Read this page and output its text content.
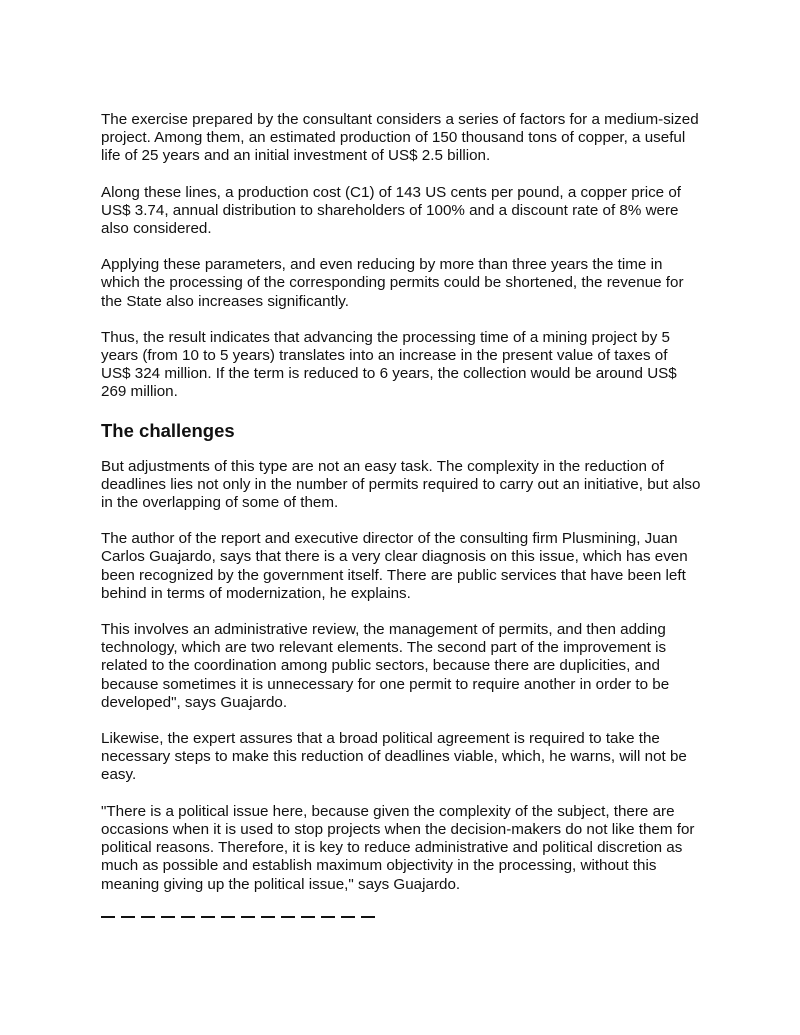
The exercise prepared by the consultant considers a series of factors for a medium-sized project. Among them, an estimated production of 150 thousand tons of copper, a useful life of 25 years and an initial investment of US$ 2.5 billion.

Along these lines, a production cost (C1) of 143 US cents per pound, a copper price of US$ 3.74, annual distribution to shareholders of 100% and a discount rate of 8% were also considered.

Applying these parameters, and even reducing by more than three years the time in which the processing of the corresponding permits could be shortened, the revenue for the State also increases significantly.

Thus, the result indicates that advancing the processing time of a mining project by 5 years (from 10 to 5 years) translates into an increase in the present value of taxes of US$ 324 million. If the term is reduced to 6 years, the collection would be around US$ 269 million.

The challenges

But adjustments of this type are not an easy task. The complexity in the reduction of deadlines lies not only in the number of permits required to carry out an initiative, but also in the overlapping of some of them.

The author of the report and executive director of the consulting firm Plusmining, Juan Carlos Guajardo, says that there is a very clear diagnosis on this issue, which has even been recognized by the government itself. There are public services that have been left behind in terms of modernization, he explains.

This involves an administrative review, the management of permits, and then adding technology, which are two relevant elements. The second part of the improvement is related to the coordination among public sectors, because there are duplicities, and because sometimes it is unnecessary for one permit to require another in order to be developed", says Guajardo.

Likewise, the expert assures that a broad political agreement is required to take the necessary steps to make this reduction of deadlines viable, which, he warns, will not be easy.

"There is a political issue here, because given the complexity of the subject, there are occasions when it is used to stop projects when the decision-makers do not like them for political reasons. Therefore, it is key to reduce administrative and political discretion as much as possible and establish maximum objectivity in the processing, without this meaning giving up the political issue," says Guajardo.
